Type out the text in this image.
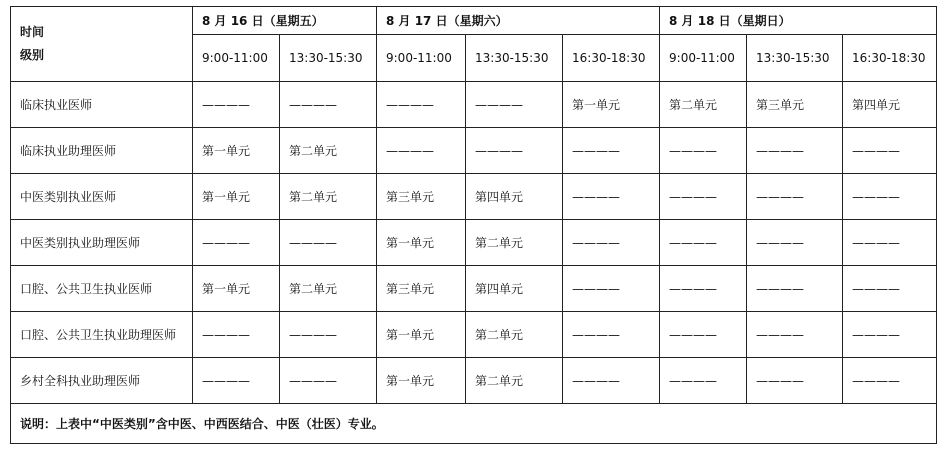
时间
级别	8 月 16 日（星期五）		8 月 17 日（星期六）			8 月 18 日（星期日）		
	9:00-11:00	13:30-15:30	9:00-11:00	13:30-15:30	16:30-18:30	9:00-11:00	13:30-15:30	16:30-18:30
临床执业医师	————	————	————	————	第一单元	第二单元	第三单元	第四单元
临床执业助理医师	第一单元	第二单元	————	————	————	————	————	————
中医类别执业医师	第一单元	第二单元	第三单元	第四单元	————	————	————	————
中医类别执业助理医师	————	————	第一单元	第二单元	————	————	————	————
口腔、公共卫生执业医师	第一单元	第二单元	第三单元	第四单元	————	————	————	————
口腔、公共卫生执业助理医师	————	————	第一单元	第二单元	————	————	————	————
乡村全科执业助理医师	————	————	第一单元	第二单元	————	————	————	————
说明：上表中“中医类别”含中医、中西医结合、中医（壮医）专业。								
